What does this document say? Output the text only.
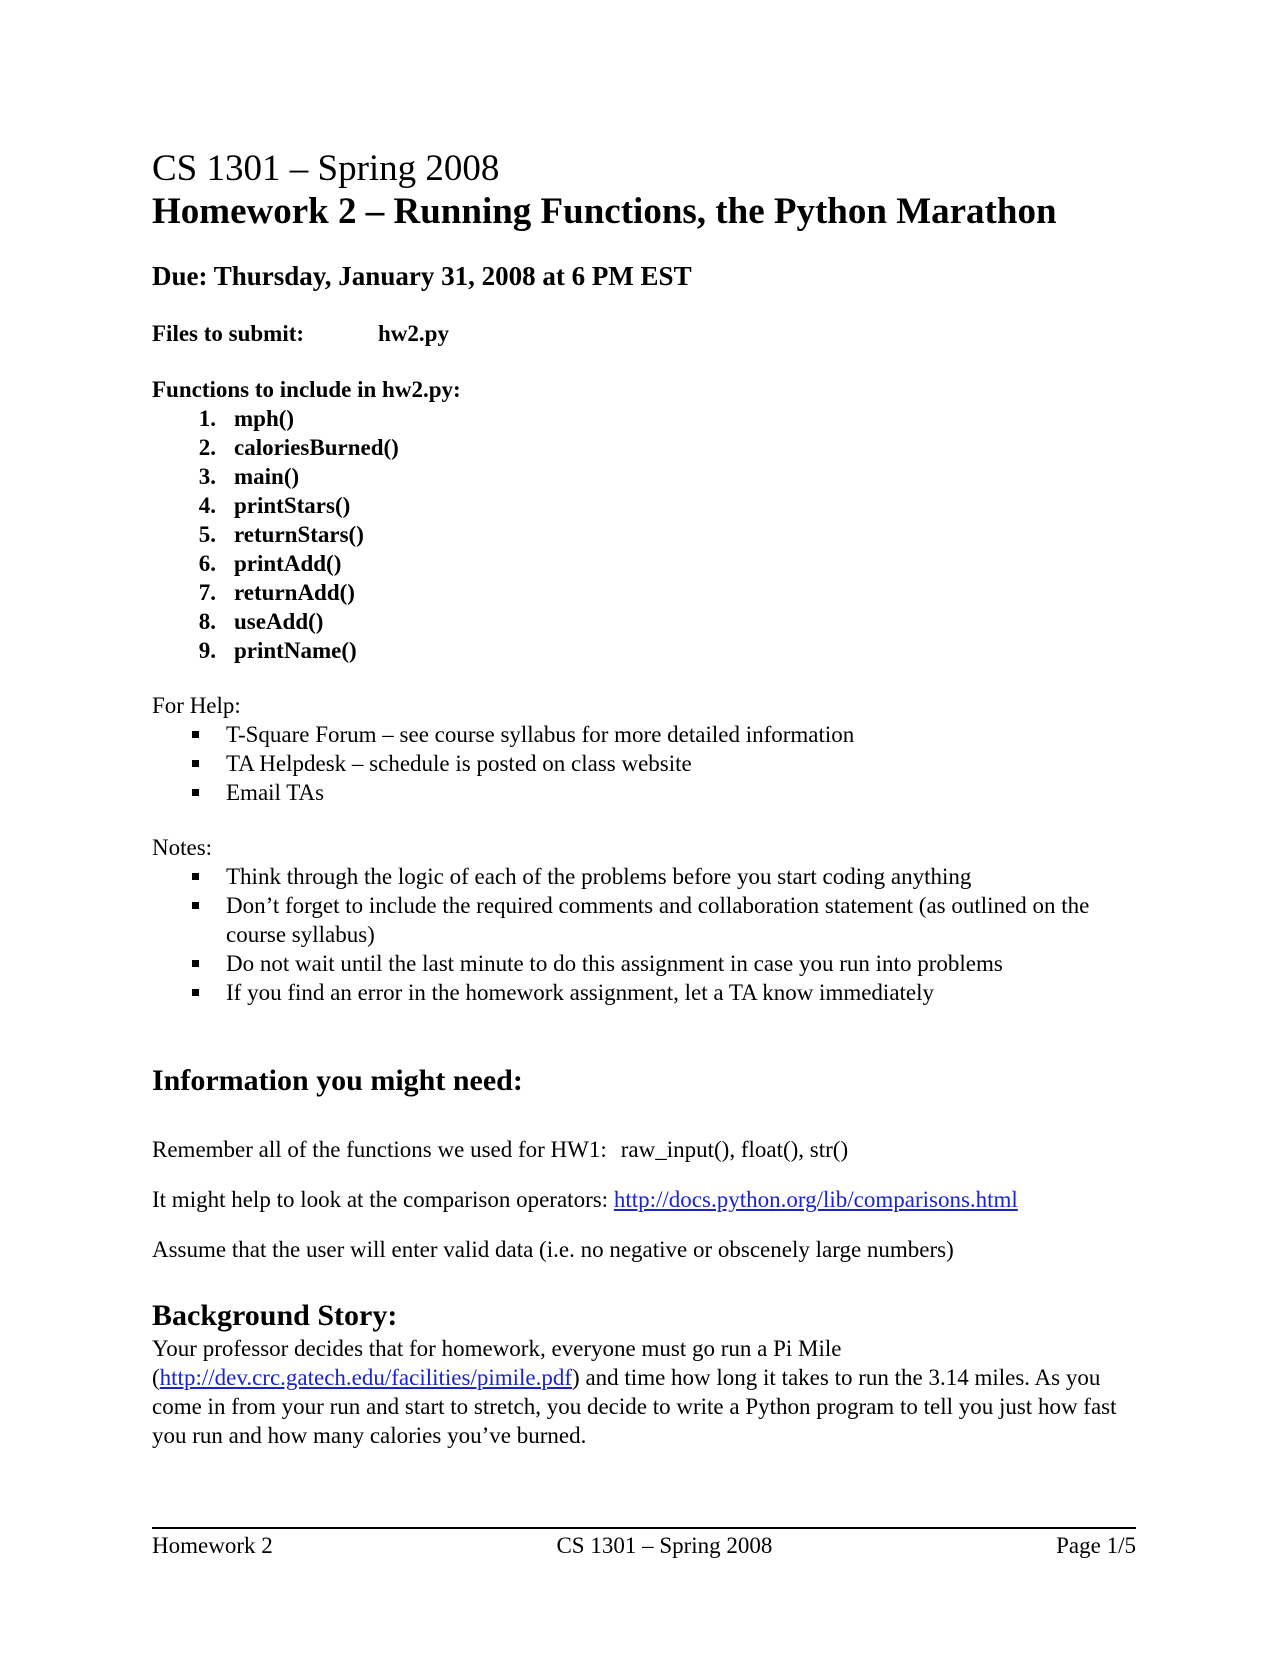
CS 1301 – Spring 2008
Homework 2 – Running Functions, the Python Marathon
Due: Thursday, January 31, 2008 at 6 PM EST
Files to submit:	hw2.py
Functions to include in hw2.py:
1. mph()
2. caloriesBurned()
3. main()
4. printStars()
5. returnStars()
6. printAdd()
7. returnAdd()
8. useAdd()
9. printName()
For Help:
T-Square Forum – see course syllabus for more detailed information
TA Helpdesk – schedule is posted on class website
Email TAs
Notes:
Think through the logic of each of the problems before you start coding anything
Don’t forget to include the required comments and collaboration statement (as outlined on the course syllabus)
Do not wait until the last minute to do this assignment in case you run into problems
If you find an error in the homework assignment, let a TA know immediately
Information you might need:

Remember all of the functions we used for HW1: raw_input(), float(), str()

It might help to look at the comparison operators: http://docs.python.org/lib/comparisons.html

Assume that the user will enter valid data (i.e. no negative or obscenely large numbers)

Background Story:

Your professor decides that for homework, everyone must go run a Pi Mile (http://dev.crc.gatech.edu/facilities/pimile.pdf) and time how long it takes to run the 3.14 miles. As you come in from your run and start to stretch, you decide to write a Python program to tell you just how fast you run and how many calories you’ve burned.

Homework 2	CS 1301 – Spring 2008	Page 1/5
